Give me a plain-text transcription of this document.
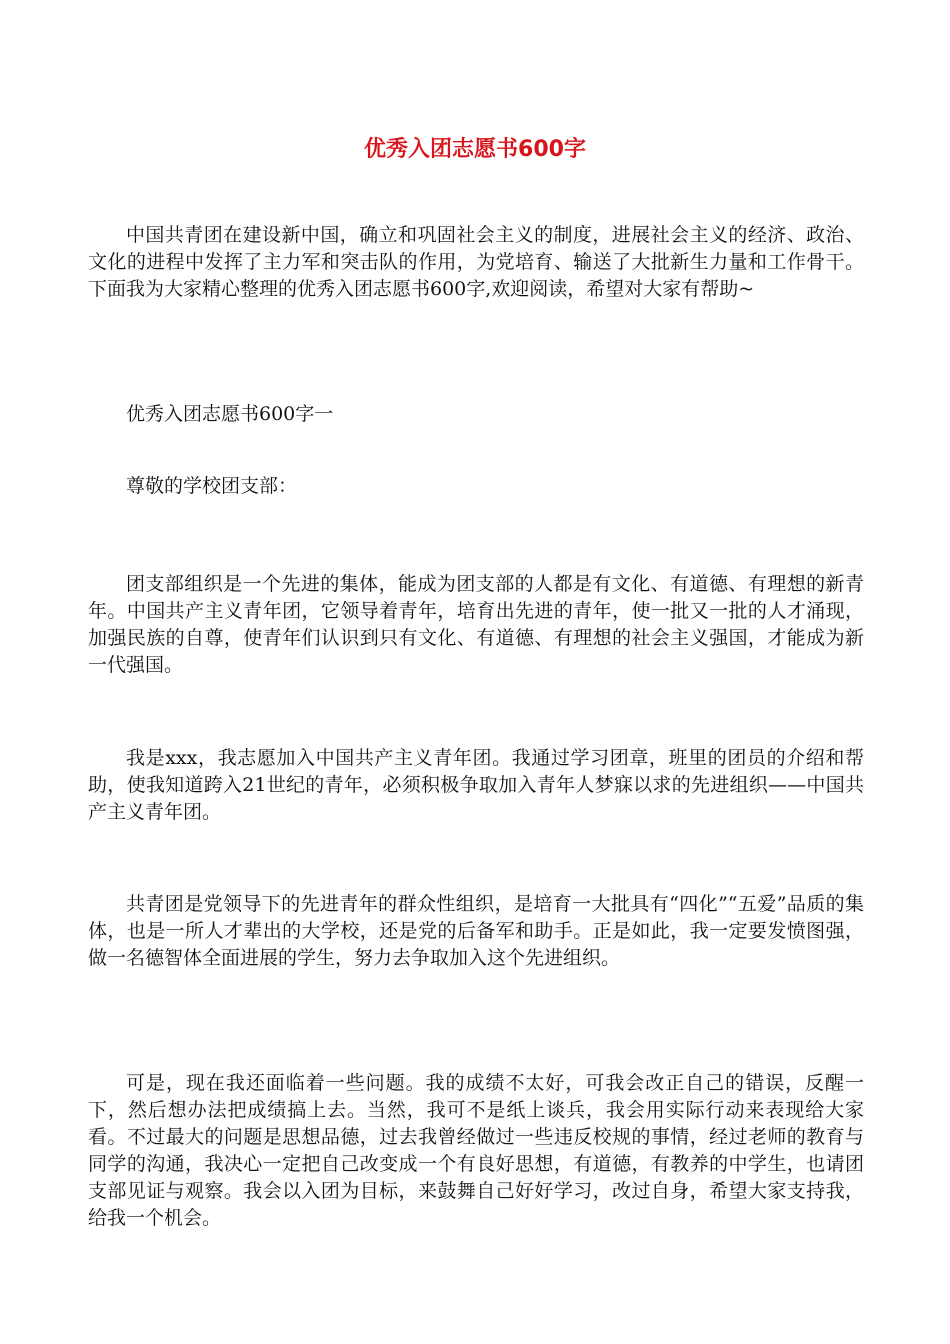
优秀入团志愿书600字

中国共青团在建设新中国，确立和巩固社会主义的制度，进展社会主义的经济、政治、文化的进程中发挥了主力军和突击队的作用，为党培育、输送了大批新生力量和工作骨干。下面我为大家精心整理的优秀入团志愿书600字,欢迎阅读，希望对大家有帮助~

优秀入团志愿书600字一

尊敬的学校团支部：

团支部组织是一个先进的集体，能成为团支部的人都是有文化、有道德、有理想的新青年。中国共产主义青年团，它领导着青年，培育出先进的青年，使一批又一批的人才涌现，加强民族的自尊，使青年们认识到只有文化、有道德、有理想的社会主义强国，才能成为新一代强国。

我是xxx，我志愿加入中国共产主义青年团。我通过学习团章，班里的团员的介绍和帮助，使我知道跨入21世纪的青年，必须积极争取加入青年人梦寐以求的先进组织——中国共产主义青年团。

共青团是党领导下的先进青年的群众性组织，是培育一大批具有“四化”“五爱”品质的集体，也是一所人才辈出的大学校，还是党的后备军和助手。正是如此，我一定要发愤图强，做一名德智体全面进展的学生，努力去争取加入这个先进组织。

可是，现在我还面临着一些问题。我的成绩不太好，可我会改正自己的错误，反醒一下，然后想办法把成绩搞上去。当然，我可不是纸上谈兵，我会用实际行动来表现给大家看。不过最大的问题是思想品德，过去我曾经做过一些违反校规的事情，经过老师的教育与同学的沟通，我决心一定把自己改变成一个有良好思想，有道德，有教养的中学生，也请团支部见证与观察。我会以入团为目标，来鼓舞自己好好学习，改过自身，希望大家支持我，给我一个机会。
